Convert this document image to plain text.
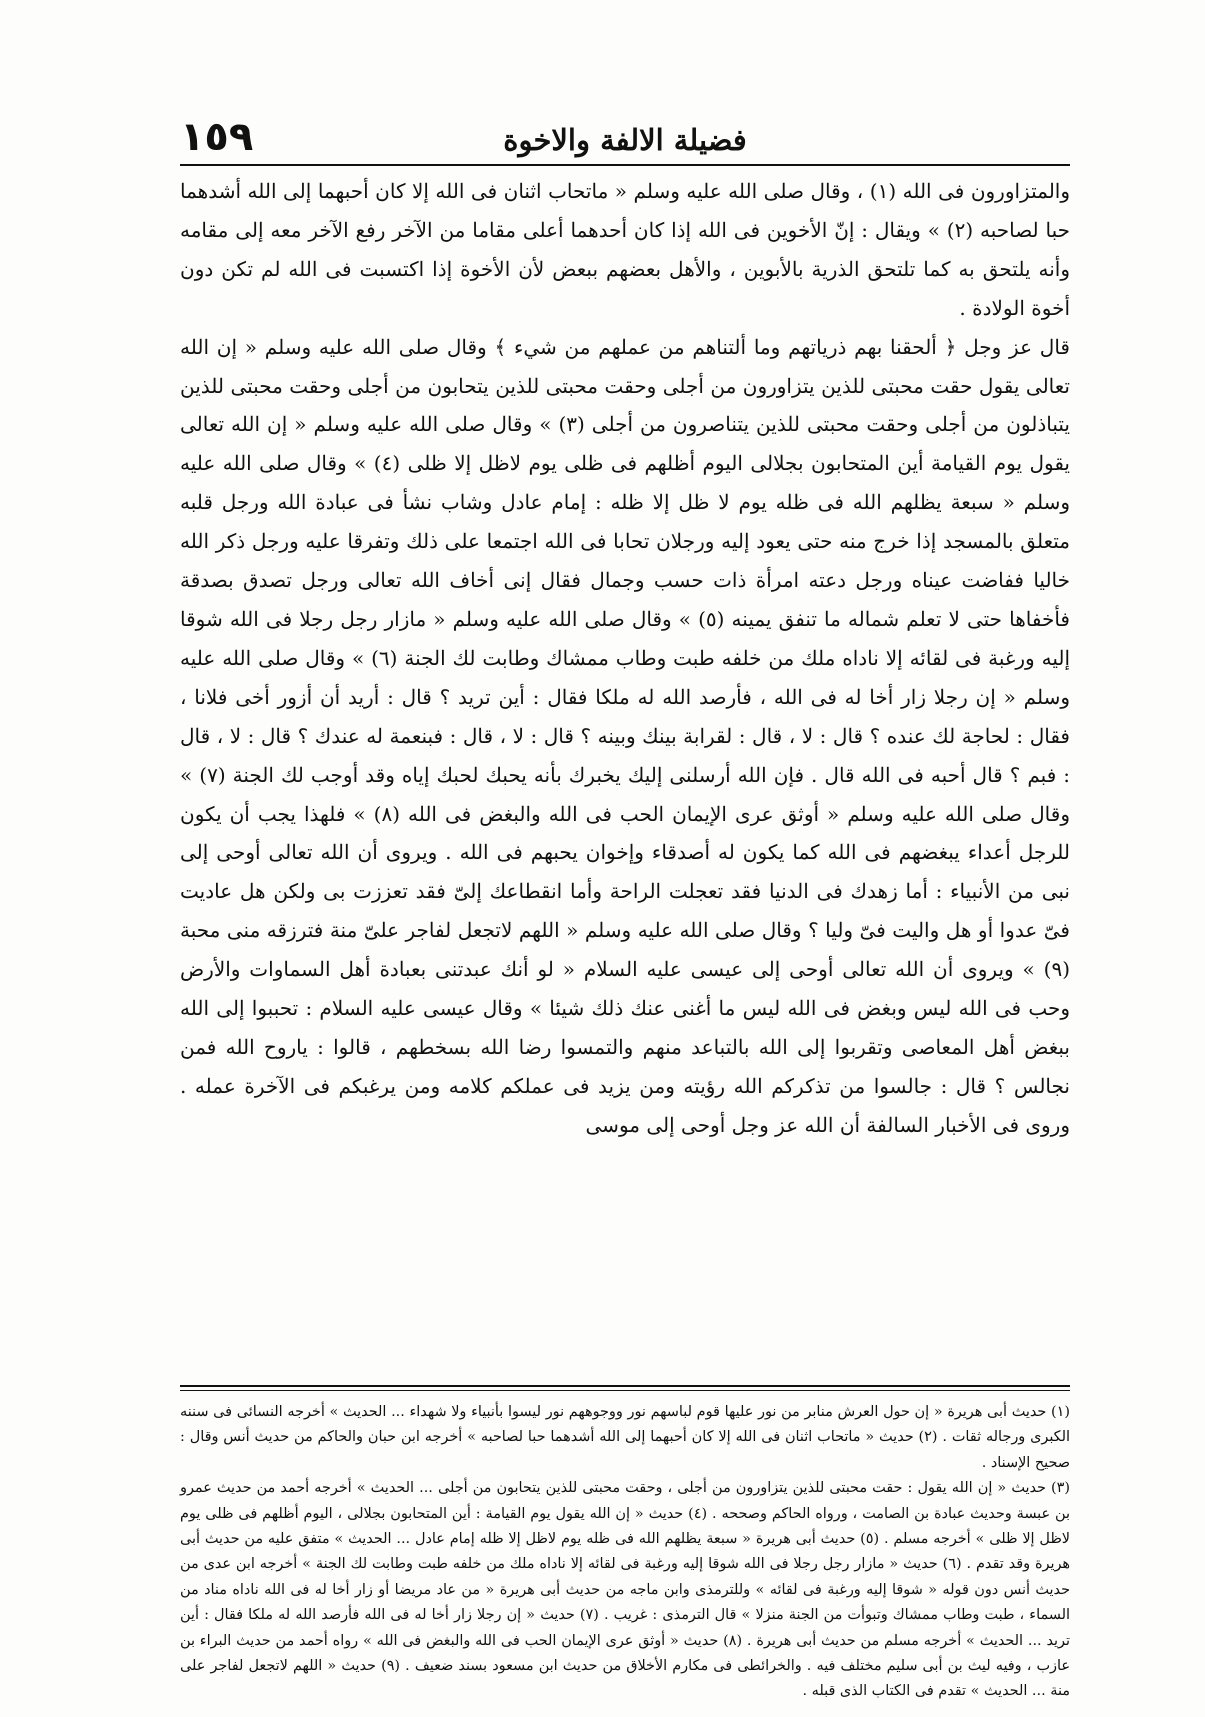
فضيلة الالفة والاخوة
١٥٩

والمتزاورون فى الله (١) ، وقال صلى الله عليه وسلم « ماتحاب اثنان فى الله إلا كان أحبهما إلى الله أشدهما حبا لصاحبه (٢) » ويقال : إنّ الأخوين فى الله إذا كان أحدهما أعلى مقاما من الآخر رفع الآخر معه إلى مقامه وأنه يلتحق به كما تلتحق الذرية بالأبوين ، والأهل بعضهم ببعض لأن الأخوة إذا اكتسبت فى الله لم تكن دون أخوة الولادة .

قال عز وجل ﴿ ألحقنا بهم ذرياتهم وما ألتناهم من عملهم من شيء ﴾ وقال صلى الله عليه وسلم « إن الله تعالى يقول حقت محبتى للذين يتزاورون من أجلى وحقت محبتى للذين يتحابون من أجلى وحقت محبتى للذين يتباذلون من أجلى وحقت محبتى للذين يتناصرون من أجلى (٣) » وقال صلى الله عليه وسلم « إن الله تعالى يقول يوم القيامة أين المتحابون بجلالى اليوم أظلهم فى ظلى يوم لاظل إلا ظلى (٤) » وقال صلى الله عليه وسلم « سبعة يظلهم الله فى ظله يوم لا ظل إلا ظله : إمام عادل وشاب نشأ فى عبادة الله ورجل قلبه متعلق بالمسجد إذا خرج منه حتى يعود إليه ورجلان تحابا فى الله اجتمعا على ذلك وتفرقا عليه ورجل ذكر الله خاليا ففاضت عيناه ورجل دعته امرأة ذات حسب وجمال فقال إنى أخاف الله تعالى ورجل تصدق بصدقة فأخفاها حتى لا تعلم شماله ما تنفق يمينه (٥) » وقال صلى الله عليه وسلم « مازار رجل رجلا فى الله شوقا إليه ورغبة فى لقائه إلا ناداه ملك من خلفه طبت وطاب ممشاك وطابت لك الجنة (٦) » وقال صلى الله عليه وسلم « إن رجلا زار أخا له فى الله ، فأرصد الله له ملكا فقال : أين تريد ؟ قال : أريد أن أزور أخى فلانا ، فقال : لحاجة لك عنده ؟ قال : لا ، قال : لقرابة بينك وبينه ؟ قال : لا ، قال : فبنعمة له عندك ؟ قال : لا ، قال : فبم ؟ قال أحبه فى الله قال . فإن الله أرسلنى إليك يخبرك بأنه يحبك لحبك إياه وقد أوجب لك الجنة (٧) » وقال صلى الله عليه وسلم « أوثق عرى الإيمان الحب فى الله والبغض فى الله (٨) » فلهذا يجب أن يكون للرجل أعداء يبغضهم فى الله كما يكون له أصدقاء وإخوان يحبهم فى الله . ويروى أن الله تعالى أوحى إلى نبى من الأنبياء : أما زهدك فى الدنيا فقد تعجلت الراحة وأما انقطاعك إلىّ فقد تعززت بى ولكن هل عاديت فىّ عدوا أو هل واليت فىّ وليا ؟ وقال صلى الله عليه وسلم « اللهم لاتجعل لفاجر علىّ منة فترزقه منى محبة (٩) » ويروى أن الله تعالى أوحى إلى عيسى عليه السلام « لو أنك عبدتنى بعبادة أهل السماوات والأرض وحب فى الله ليس وبغض فى الله ليس ما أغنى عنك ذلك شيئا » وقال عيسى عليه السلام : تحببوا إلى الله ببغض أهل المعاصى وتقربوا إلى الله بالتباعد منهم والتمسوا رضا الله بسخطهم ، قالوا : ياروح الله فمن نجالس ؟ قال : جالسوا من تذكركم الله رؤيته ومن يزيد فى عملكم كلامه ومن يرغبكم فى الآخرة عمله . وروى فى الأخبار السالفة أن الله عز وجل أوحى إلى موسى

(١) حديث أبى هريرة « إن حول العرش منابر من نور عليها قوم لباسهم نور ووجوههم نور ليسوا بأنبياء ولا شهداء ... الحديث » أخرجه النسائى فى سننه الكبرى ورجاله ثقات . (٢) حديث « ماتحاب اثنان فى الله إلا كان أحبهما إلى الله أشدهما حبا لصاحبه » أخرجه ابن حبان والحاكم من حديث أنس وقال : صحيح الإسناد .

(٣) حديث « إن الله يقول : حقت محبتى للذين يتزاورون من أجلى ، وحقت محبتى للذين يتحابون من أجلى ... الحديث » أخرجه أحمد من حديث عمرو بن عبسة وحديث عبادة بن الصامت ، ورواه الحاكم وصححه . (٤) حديث « إن الله يقول يوم القيامة : أين المتحابون بجلالى ، اليوم أظلهم فى ظلى يوم لاظل إلا ظلى » أخرجه مسلم . (٥) حديث أبى هريرة « سبعة يظلهم الله فى ظله يوم لاظل إلا ظله إمام عادل ... الحديث » متفق عليه من حديث أبى هريرة وقد تقدم . (٦) حديث « مازار رجل رجلا فى الله شوقا إليه ورغبة فى لقائه إلا ناداه ملك من خلفه طبت وطابت لك الجنة » أخرجه ابن عدى من حديث أنس دون قوله « شوقا إليه ورغبة فى لقائه » وللترمذى وابن ماجه من حديث أبى هريرة « من عاد مريضا أو زار أخا له فى الله ناداه مناد من السماء ، طبت وطاب ممشاك وتبوأت من الجنة منزلا » قال الترمذى : غريب . (٧) حديث « إن رجلا زار أخا له فى الله فأرصد الله له ملكا فقال : أين تريد ... الحديث » أخرجه مسلم من حديث أبى هريرة . (٨) حديث « أوثق عرى الإيمان الحب فى الله والبغض فى الله » رواه أحمد من حديث البراء بن عازب ، وفيه ليث بن أبى سليم مختلف فيه . والخرائطى فى مكارم الأخلاق من حديث ابن مسعود بسند ضعيف . (٩) حديث « اللهم لاتجعل لفاجر على منة ... الحديث » تقدم فى الكتاب الذى قبله .
